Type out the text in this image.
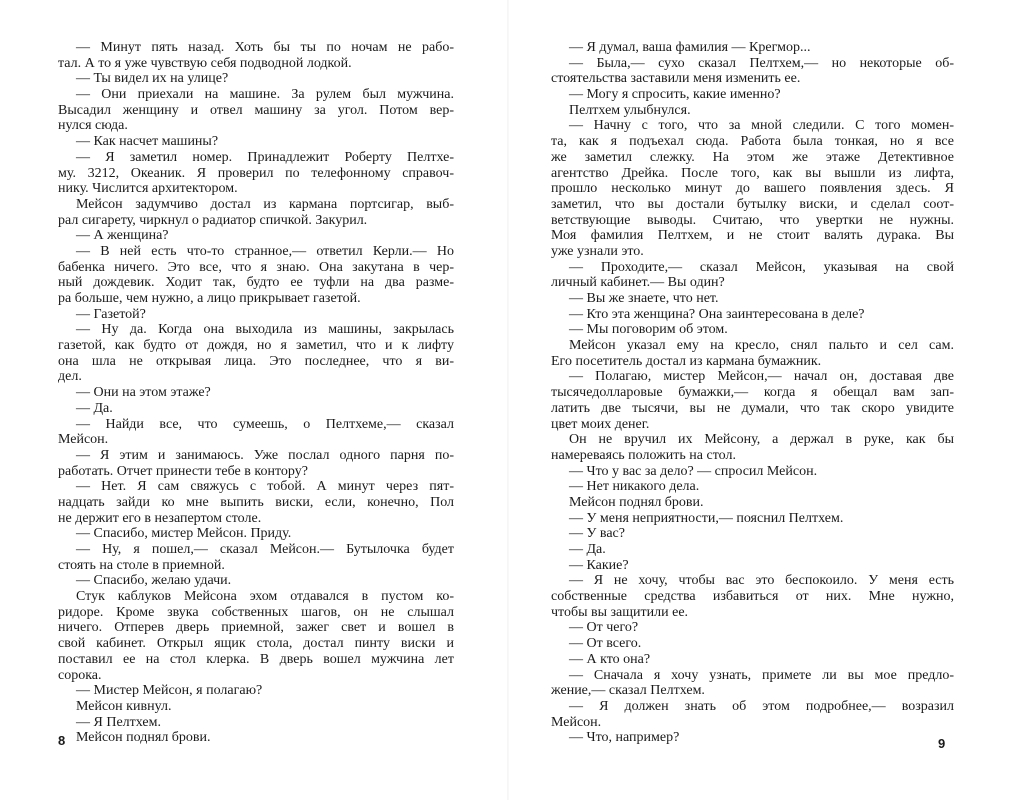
— Минут пять назад. Хоть бы ты по ночам не рабо-
тал. А то я уже чувствую себя подводной лодкой.
— Ты видел их на улице?
— Они приехали на машине. За рулем был мужчина.
Высадил женщину и отвел машину за угол. Потом вер-
нулся сюда.
— Как насчет машины?
— Я заметил номер. Принадлежит Роберту Пелтхе-
му. 3212, Океаник. Я проверил по телефонному справоч-
нику. Числится архитектором.
Мейсон задумчиво достал из кармана портсигар, выб-
рал сигарету, чиркнул о радиатор спичкой. Закурил.
— А женщина?
— В ней есть что-то странное,— ответил Керли.— Но
бабенка ничего. Это все, что я знаю. Она закутана в чер-
ный дождевик. Ходит так, будто ее туфли на два разме-
ра больше, чем нужно, а лицо прикрывает газетой.
— Газетой?
— Ну да. Когда она выходила из машины, закрылась
газетой, как будто от дождя, но я заметил, что и к лифту
она шла не открывая лица. Это последнее, что я ви-
дел.
— Они на этом этаже?
— Да.
— Найди все, что сумеешь, о Пелтхеме,— сказал
Мейсон.
— Я этим и занимаюсь. Уже послал одного парня по-
работать. Отчет принести тебе в контору?
— Нет. Я сам свяжусь с тобой. А минут через пят-
надцать зайди ко мне выпить виски, если, конечно, Пол
не держит его в незапертом столе.
— Спасибо, мистер Мейсон. Приду.
— Ну, я пошел,— сказал Мейсон.— Бутылочка будет
стоять на столе в приемной.
— Спасибо, желаю удачи.
Стук каблуков Мейсона эхом отдавался в пустом ко-
ридоре. Кроме звука собственных шагов, он не слышал
ничего. Отперев дверь приемной, зажег свет и вошел в
свой кабинет. Открыл ящик стола, достал пинту виски и
поставил ее на стол клерка. В дверь вошел мужчина лет
сорока.
— Мистер Мейсон, я полагаю?
Мейсон кивнул.
— Я Пелтхем.
Мейсон поднял брови.
— Я думал, ваша фамилия — Крегмор...
— Была,— сухо сказал Пелтхем,— но некоторые об-
стоятельства заставили меня изменить ее.
— Могу я спросить, какие именно?
Пелтхем улыбнулся.
— Начну с того, что за мной следили. С того момен-
та, как я подъехал сюда. Работа была тонкая, но я все
же заметил слежку. На этом же этаже Детективное
агентство Дрейка. После того, как вы вышли из лифта,
прошло несколько минут до вашего появления здесь. Я
заметил, что вы достали бутылку виски, и сделал соот-
ветствующие выводы. Считаю, что увертки не нужны.
Моя фамилия Пелтхем, и не стоит валять дурака. Вы
уже узнали это.
— Проходите,— сказал Мейсон, указывая на свой
личный кабинет.— Вы один?
— Вы же знаете, что нет.
— Кто эта женщина? Она заинтересована в деле?
— Мы поговорим об этом.
Мейсон указал ему на кресло, снял пальто и сел сам.
Его посетитель достал из кармана бумажник.
— Полагаю, мистер Мейсон,— начал он, доставая две
тысячедолларовые бумажки,— когда я обещал вам зап-
латить две тысячи, вы не думали, что так скоро увидите
цвет моих денег.
Он не вручил их Мейсону, а держал в руке, как бы
намереваясь положить на стол.
— Что у вас за дело? — спросил Мейсон.
— Нет никакого дела.
Мейсон поднял брови.
— У меня неприятности,— пояснил Пелтхем.
— У вас?
— Да.
— Какие?
— Я не хочу, чтобы вас это беспокоило. У меня есть
собственные средства избавиться от них. Мне нужно,
чтобы вы защитили ее.
— От чего?
— От всего.
— А кто она?
— Сначала я хочу узнать, примете ли вы мое предло-
жение,— сказал Пелтхем.
— Я должен знать об этом подробнее,— возразил
Мейсон.
— Что, например?
8	9
